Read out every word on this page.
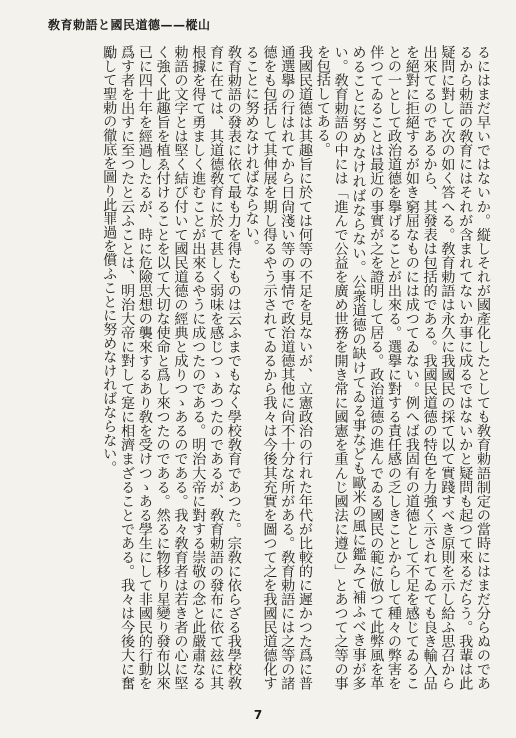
敎育勅語と國民道德——樅山

るにはまだ早いではないか。縦しそれが國產化したとしても敎育勅語制定の當時にはまだ分らぬのであるから勅語の敎育にはそれが含まれてないか事に成るではないかと疑問も起つて來るだらう。我輩は此疑問に對して次の如く答へる。敎育勅語は永久に我國民の採て以て實踐すべき原則を示し給ふ思召から出來てるのであるから、其發表は包括的である。我國民道德の特色を力強く示されてゐても良き輸入品を絕對に拒絕するが如き窮屈なものには成つてゐない。例へば我固有の道德として不足を感じてゐることの一として政治道德を擧げることが出來る。選擧に對する責任感の乏しきことからして種々の弊害を伴つてゐることは最近の事實が之を證明して居る。政治道德の進んでゐる國民の範に倣つて此弊風を革めることに努めなければならない。公衆道德の缺けてゐる事なども歐米の風に鑑みて補ふべき事が多い。敎育勅語の中には「進んで公益を廣め世務を開き常に國憲を重んじ國法に遵ひ」とあつて之等の事を包括してある。

我國民道德は其趣旨に於ては何等の不足を見ないが、立憲政治の行れた年代が比較的に遲かつた爲に普通選擧の行はれてから日尙淺い等の事情で政治道德其他に尙不十分な所がある。敎育勅語には之等の諸德をも包括して其伸展を期し得るやう示されてゐるから我々は今後其充實を圖つて之を我國民道德化することに努めなければならない。

敎育勅語の發表に依て最も力を得たものは云ふまでもなく學校敎育であつた。宗敎に依らざる我學校敎育に在ては、其道德敎育に於て甚しく弱味を感じつゝあつたのであるが、敎育勅語の發布に依て玆に其根據を得て勇ましく進むことが出來るやうに成つたのである。明治大帝に對する崇敬の念と此嚴肅なる勅語の文字とは堅く結び付いて國民道德の經典と成りつゝあるのである。我々敎育者は若き者の心に堅く強く此趣旨を植ゑ付けることを以て大切な使命と爲し來つたのである。然るに物移り星變り發布以來已に四十年を經過したるが、時に危險思想の襲來するあり敎を受けつゝある學生にして非國民的行動を爲す者を出すに至つたと云ふことは、明治大帝に對して寔に相濟まざることである。我々は今後大に奮勵して聖勅の徹底を圖り此罪過を償ふことに努めなければならない。

7
